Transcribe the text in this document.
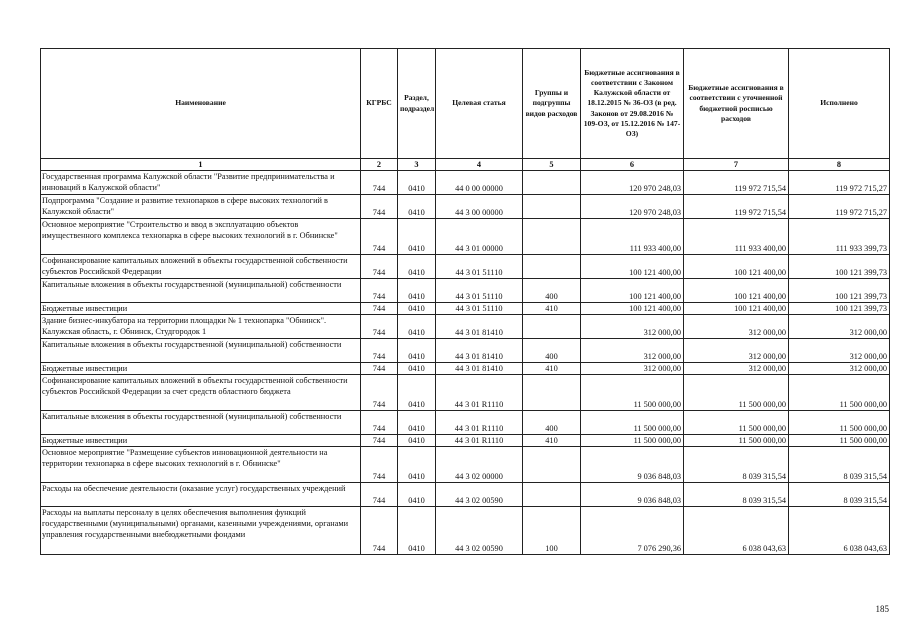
Наименование	КГРБС	Раздел, подраздел	Целевая статья	Группы и подгруппы видов расходов	Бюджетные ассигнования в соответствии с Законом Калужской области от 18.12.2015 № 36-ОЗ (в ред. Законов от 29.08.2016 № 109-ОЗ, от 15.12.2016 № 147-ОЗ)	Бюджетные ассигнования в соответствии с уточненной бюджетной росписью расходов	Исполнено
1	2	3	4	5	6	7	8
Государственная программа Калужской области "Развитие предпринимательства и инноваций в Калужской области"	744	0410	44 0 00 00000		120 970 248,03	119 972 715,54	119 972 715,27
Подпрограмма "Создание и развитие технопарков в сфере высоких технологий в Калужской области"	744	0410	44 3 00 00000		120 970 248,03	119 972 715,54	119 972 715,27
Основное мероприятие "Строительство и ввод в эксплуатацию объектов имущественного комплекса технопарка в сфере высоких технологий в г. Обнинске"	744	0410	44 3 01 00000		111 933 400,00	111 933 400,00	111 933 399,73
Софинансирование капитальных вложений в объекты государственной собственности субъектов Российской Федерации	744	0410	44 3 01 51110		100 121 400,00	100 121 400,00	100 121 399,73
Капитальные вложения в объекты государственной (муниципальной) собственности	744	0410	44 3 01 51110	400	100 121 400,00	100 121 400,00	100 121 399,73
Бюджетные инвестиции	744	0410	44 3 01 51110	410	100 121 400,00	100 121 400,00	100 121 399,73
Здание бизнес-инкубатора на территории площадки № 1 технопарка "Обнинск". Калужская область, г. Обнинск, Студгородок 1	744	0410	44 3 01 81410		312 000,00	312 000,00	312 000,00
Капитальные вложения в объекты государственной (муниципальной) собственности	744	0410	44 3 01 81410	400	312 000,00	312 000,00	312 000,00
Бюджетные инвестиции	744	0410	44 3 01 81410	410	312 000,00	312 000,00	312 000,00
Софинансирование капитальных вложений в объекты государственной собственности субъектов Российской Федерации за счет средств областного бюджета	744	0410	44 3 01 R1110		11 500 000,00	11 500 000,00	11 500 000,00
Капитальные вложения в объекты государственной (муниципальной) собственности	744	0410	44 3 01 R1110	400	11 500 000,00	11 500 000,00	11 500 000,00
Бюджетные инвестиции	744	0410	44 3 01 R1110	410	11 500 000,00	11 500 000,00	11 500 000,00
Основное мероприятие "Размещение субъектов инновационной деятельности на территории технопарка в сфере высоких технологий в г. Обнинске"	744	0410	44 3 02 00000		9 036 848,03	8 039 315,54	8 039 315,54
Расходы на обеспечение деятельности (оказание услуг) государственных учреждений	744	0410	44 3 02 00590		9 036 848,03	8 039 315,54	8 039 315,54
Расходы на выплаты персоналу в целях обеспечения выполнения функций государственными (муниципальными) органами, казенными учреждениями, органами управления государственными внебюджетными фондами	744	0410	44 3 02 00590	100	7 076 290,36	6 038 043,63	6 038 043,63
185
